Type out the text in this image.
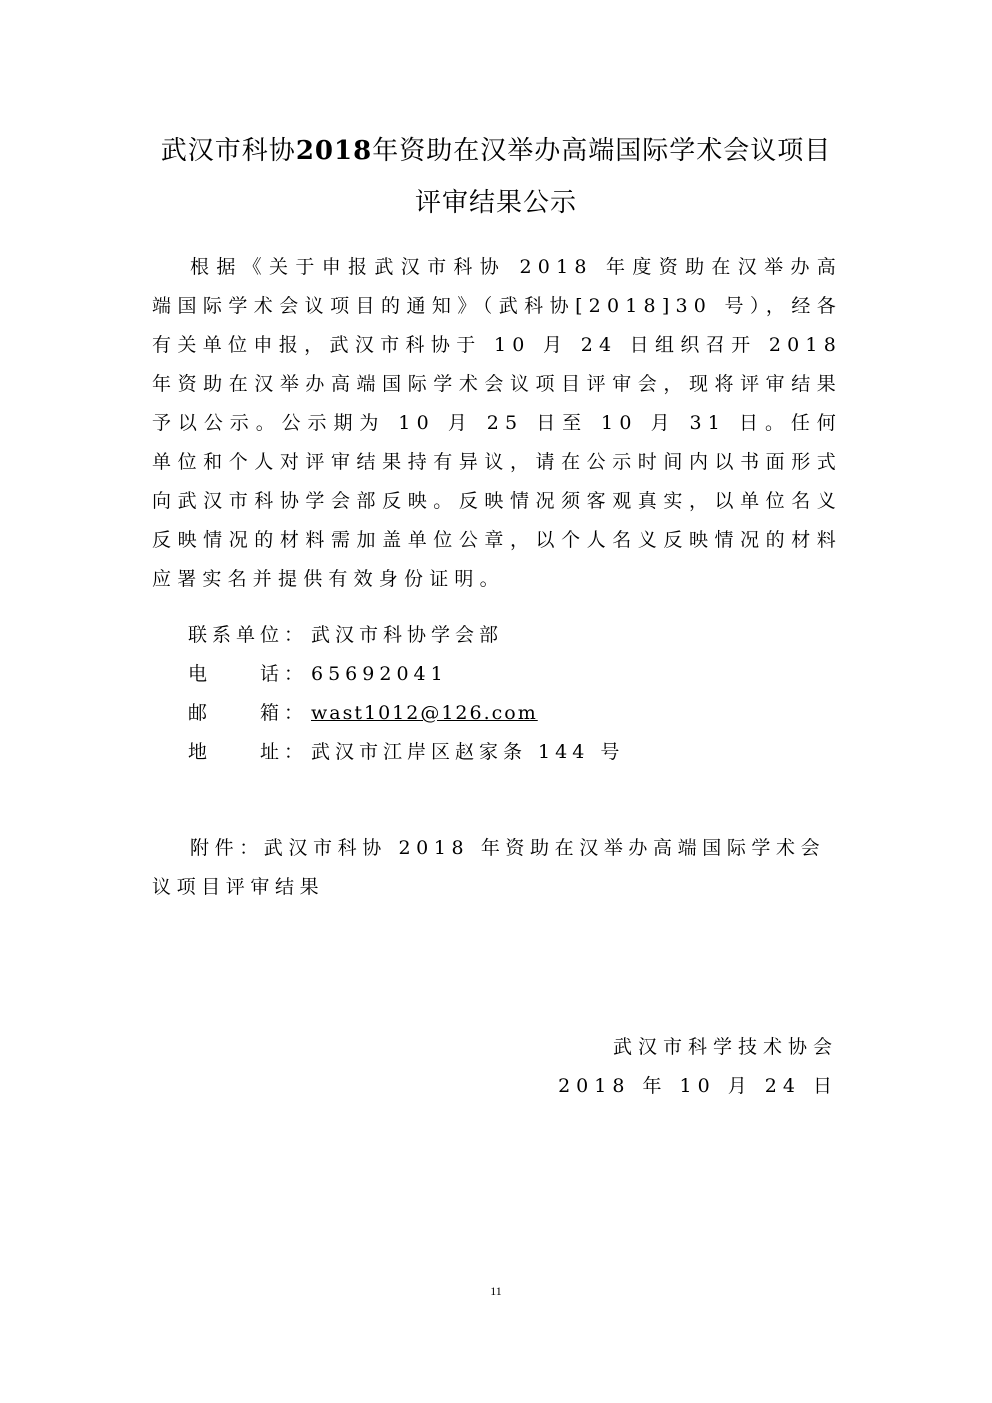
武汉市科协2018年资助在汉举办高端国际学术会议项目
评审结果公示

根据《关于申报武汉市科协 2018 年度资助在汉举办高端国际学术会议项目的通知》（武科协[2018]30 号），经各有关单位申报，武汉市科协于 10 月 24 日组织召开 2018 年资助在汉举办高端国际学术会议项目评审会，现将评审结果予以公示。公示期为 10 月 25 日至 10 月 31 日。任何单位和个人对评审结果持有异议，请在公示时间内以书面形式向武汉市科协学会部反映。反映情况须客观真实，以单位名义反映情况的材料需加盖单位公章，以个人名义反映情况的材料应署实名并提供有效身份证明。

联系单位： 武汉市科协学会部
电　　话： 65692041
邮　　箱： wast1012@126.com
地　　址： 武汉市江岸区赵家条 144 号

附件：武汉市科协 2018 年资助在汉举办高端国际学术会议项目评审结果

武汉市科学技术协会
2018 年 10 月 24 日
11
